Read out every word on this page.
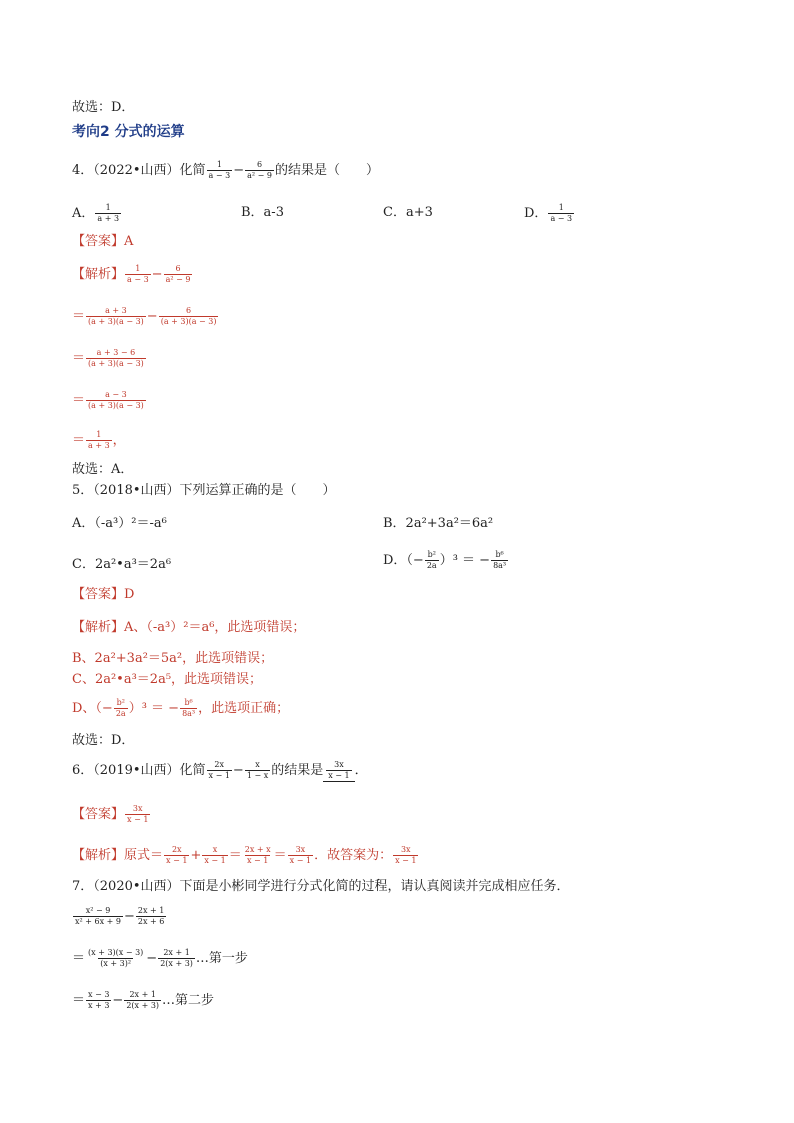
故选：D．
考向2 分式的运算
4．（2022•山西）化简 $\frac{1}{a - 3} - \frac{6}{\text{a² − 9}}$ 的结果是（　　）
A． $\frac{1}{a + 3}$	B．a-3	C．a+3	D． $\frac{1}{a - 3}$
【答案】A
【解析】 $\frac{1}{a - 3} - \frac{6}{\text{a² − 9}}$
＝ $\frac{a + 3}{(a + 3)(a - 3)} - \frac{6}{(a + 3)(a - 3)}$
＝ $\frac{a + 3 - 6}{(a + 3)(a - 3)}$
＝ $\frac{a - 3}{(a + 3)(a - 3)}$
＝ $\frac{1}{a + 3}$ ，
故选：A．
5．（2018•山西）下列运算正确的是（　　）
A．（-a³）²＝-a⁶	B．2a²+3a²＝6a²
C．2a²•a³＝2a⁶	D．（− $\frac{\text{b²}}{2a} )^3$ ＝ − $\frac{\text{b⁶}}{\text{8a³}}$
【答案】D
【解析】A、（-a³）²＝a⁶，此选项错误；
B、2a²+3a²＝5a²，此选项错误；
C、2a²•a³＝2a⁵，此选项错误；
D、（− $\frac{\text{b²}}{2a} )^3$ ＝ − $\frac{\text{b⁶}}{\text{8a³}}$ ，此选项正确；
故选：D．
6．（2019•山西）化简 $\frac{2x}{x - 1} - \frac{x}{1 - x}$ 的结果是 $\frac{3x}{x - 1}$ ．
【答案】 $\frac{3x}{x - 1}$
【解析】原式＝ $\frac{2x}{x - 1} + \frac{x}{x - 1} = \frac{2x + x}{x - 1} = \frac{3x}{x - 1}$ ．故答案为： $\frac{3x}{x - 1}$
7．（2020•山西）下面是小彬同学进行分式化简的过程，请认真阅读并完成相应任务．
$\frac{\text{x² − 9}}{\text{x² + 6x + 9}} - \frac{2x + 1}{2x + 6}$
＝ $\frac{(x + 3)(x - 3)}{\text{(x + 3)²}} - \frac{2x + 1}{2(x + 3)}$ …第一步
＝ $\frac{x - 3}{x + 3} - \frac{2x + 1}{2(x + 3)}$ …第二步
